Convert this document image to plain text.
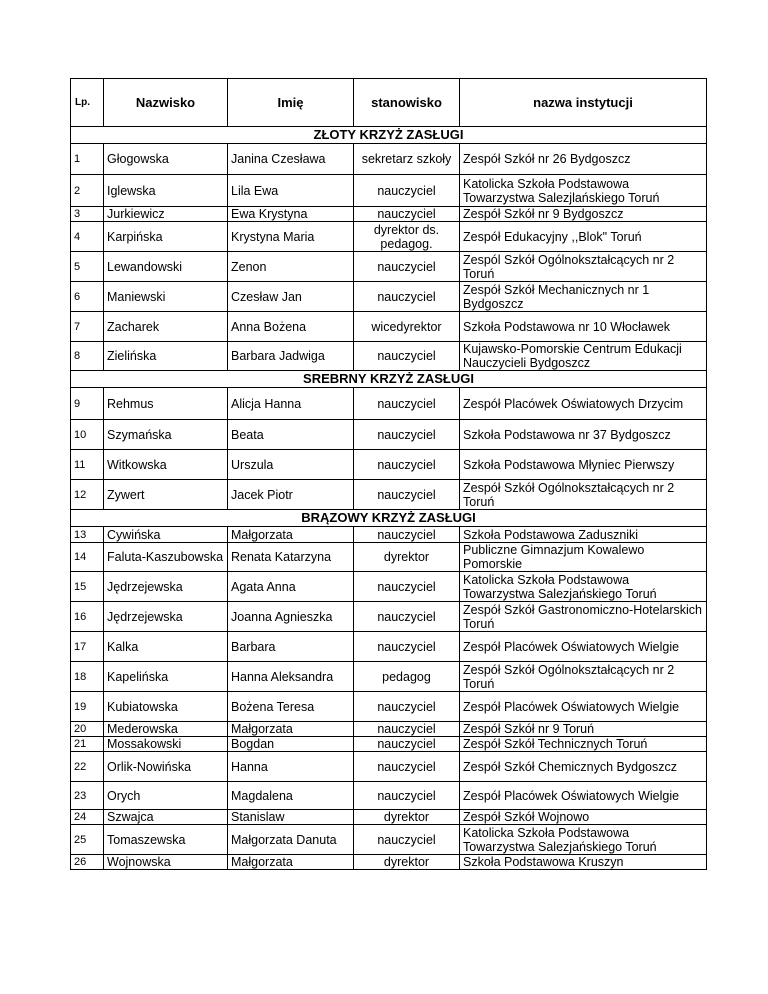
Lp.	Nazwisko	Imię	stanowisko	nazwa instytucji
ZŁOTY KRZYŻ ZASŁUGI				
1	Głogowska	Janina Czesława	sekretarz szkoły	Zespół Szkół nr 26 Bydgoszcz
2	Iglewska	Lila Ewa	nauczyciel	Katolicka Szkoła Podstawowa Towarzystwa Salezjlańskiego Toruń
3	Jurkiewicz	Ewa Krystyna	nauczyciel	Zespół Szkół nr 9 Bydgoszcz
4	Karpińska	Krystyna Maria	dyrektor ds. pedagog.	Zespół Edukacyjny ,,Blok" Toruń
5	Lewandowski	Zenon	nauczyciel	Zespól Szkół Ogólnokształcących nr 2 Toruń
6	Maniewski	Czesław Jan	nauczyciel	Zespół Szkół Mechanicznych nr 1 Bydgoszcz
7	Zacharek	Anna Bożena	wicedyrektor	Szkoła Podstawowa nr 10 Włocławek
8	Zielińska	Barbara Jadwiga	nauczyciel	Kujawsko-Pomorskie Centrum Edukacji Nauczycieli Bydgoszcz
SREBRNY KRZYŻ ZASŁUGI				
9	Rehmus	Alicja Hanna	nauczyciel	Zespół Placówek Oświatowych Drzycim
10	Szymańska	Beata	nauczyciel	Szkoła Podstawowa nr 37 Bydgoszcz
11	Witkowska	Urszula	nauczyciel	Szkoła Podstawowa Młyniec Pierwszy
12	Zywert	Jacek Piotr	nauczyciel	Zespół Szkół Ogólnokształcących nr 2 Toruń
BRĄZOWY KRZYŻ ZASŁUGI				
13	Cywińska	Małgorzata	nauczyciel	Szkoła Podstawowa Zaduszniki
14	Faluta-Kaszubowska	Renata Katarzyna	dyrektor	Publiczne Gimnazjum Kowalewo Pomorskie
15	Jędrzejewska	Agata Anna	nauczyciel	Katolicka Szkoła Podstawowa Towarzystwa Salezjańskiego Toruń
16	Jędrzejewska	Joanna Agnieszka	nauczyciel	Zespół Szkół Gastronomiczno-Hotelarskich Toruń
17	Kalka	Barbara	nauczyciel	Zespół Placówek Oświatowych Wielgie
18	Kapelińska	Hanna Aleksandra	pedagog	Zespół Szkół Ogólnokształcących nr 2 Toruń
19	Kubiatowska	Bożena Teresa	nauczyciel	Zespół Placówek Oświatowych Wielgie
20	Mederowska	Małgorzata	nauczyciel	Zespół Szkół nr 9 Toruń
21	Mossakowski	Bogdan	nauczyciel	Zespół Szkół Technicznych Toruń
22	Orlik-Nowińska	Hanna	nauczyciel	Zespół Szkół Chemicznych Bydgoszcz
23	Orych	Magdalena	nauczyciel	Zespół Placówek Oświatowych Wielgie
24	Szwajca	Stanislaw	dyrektor	Zespół Szkół Wojnowo
25	Tomaszewska	Małgorzata Danuta	nauczyciel	Katolicka Szkoła Podstawowa Towarzystwa Salezjańskiego Toruń
26	Wojnowska	Małgorzata	dyrektor	Szkoła Podstawowa Kruszyn
